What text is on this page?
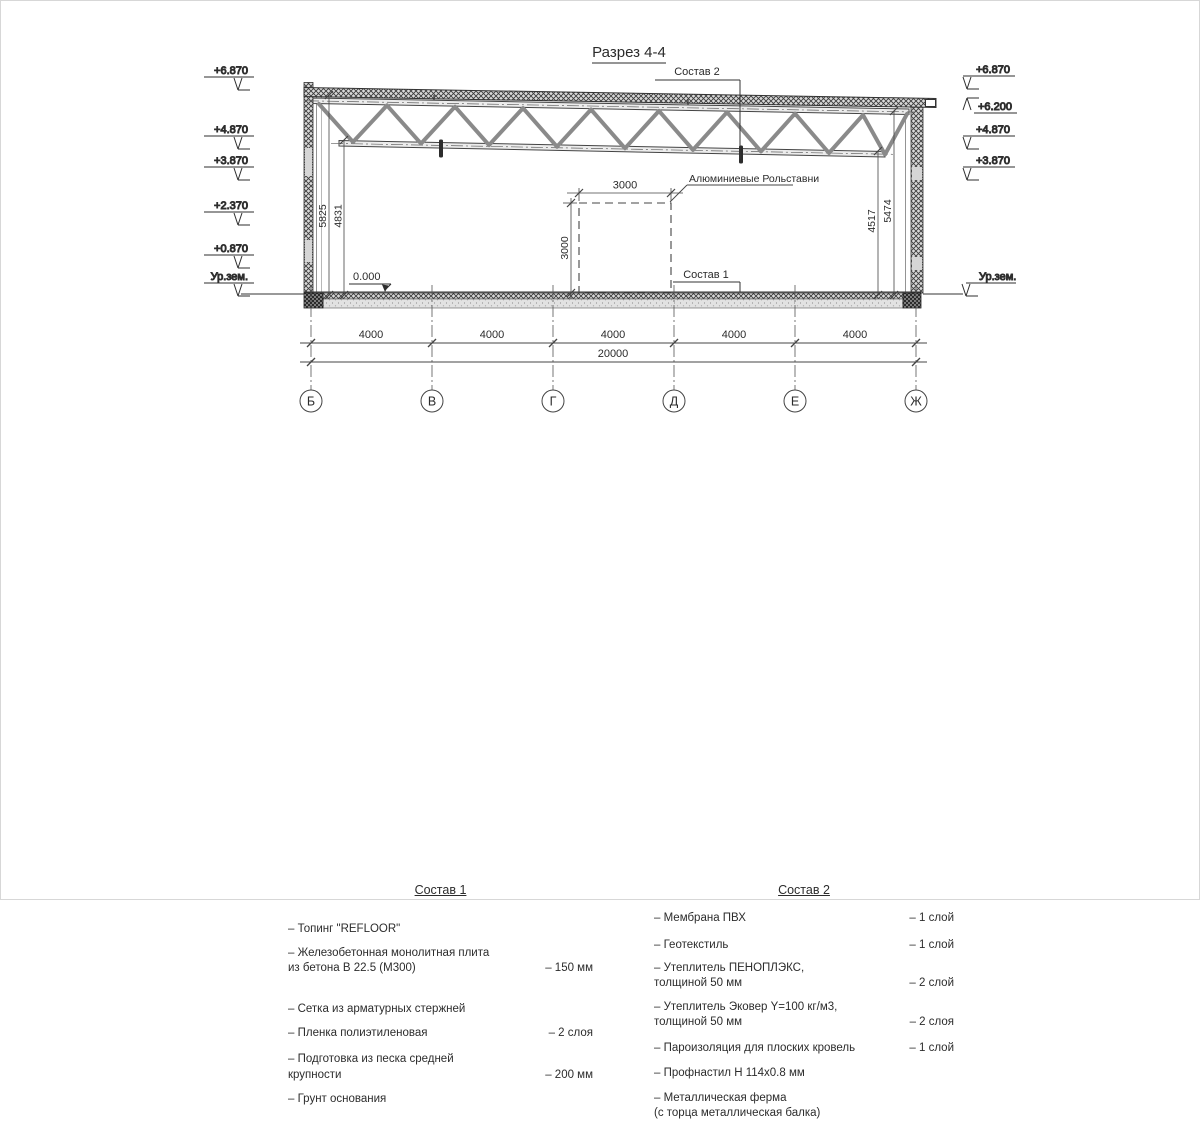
Разрез 4-4
+6.870
+4.870
+3.870
+2.370
+0.870
Ур.зем.
+6.870
+6.200
+4.870
+3.870
Ур.зем.
5825 4831	4517 5474
0.000
3000
3000
Алюминиевые Рольставни
Состав 2
Состав 1
4000	4000	4000	4000	4000
20000
Б	В	Г	Д	Е	Ж
Состав 1
– Топинг "REFLOOR"
– Железобетонная монолитная плита
из бетона В 22.5 (М300)	– 150 мм
– Сетка из арматурных стержней
– Пленка полиэтиленовая	– 2 слоя
– Подготовка из песка средней
крупности	– 200 мм
– Грунт основания
Состав 2
– Мембрана ПВХ	– 1 слой
– Геотекстиль	– 1 слой
– Утеплитель ПЕНОПЛЭКС,
толщиной 50 мм	– 2 слой
– Утеплитель Эковер Y=100 кг/м3,
толщиной 50 мм	– 2 слоя
– Пароизоляция для плоских кровель	– 1 слой
– Профнастил Н 114х0.8 мм
– Металлическая ферма
(с торца металлическая балка)
